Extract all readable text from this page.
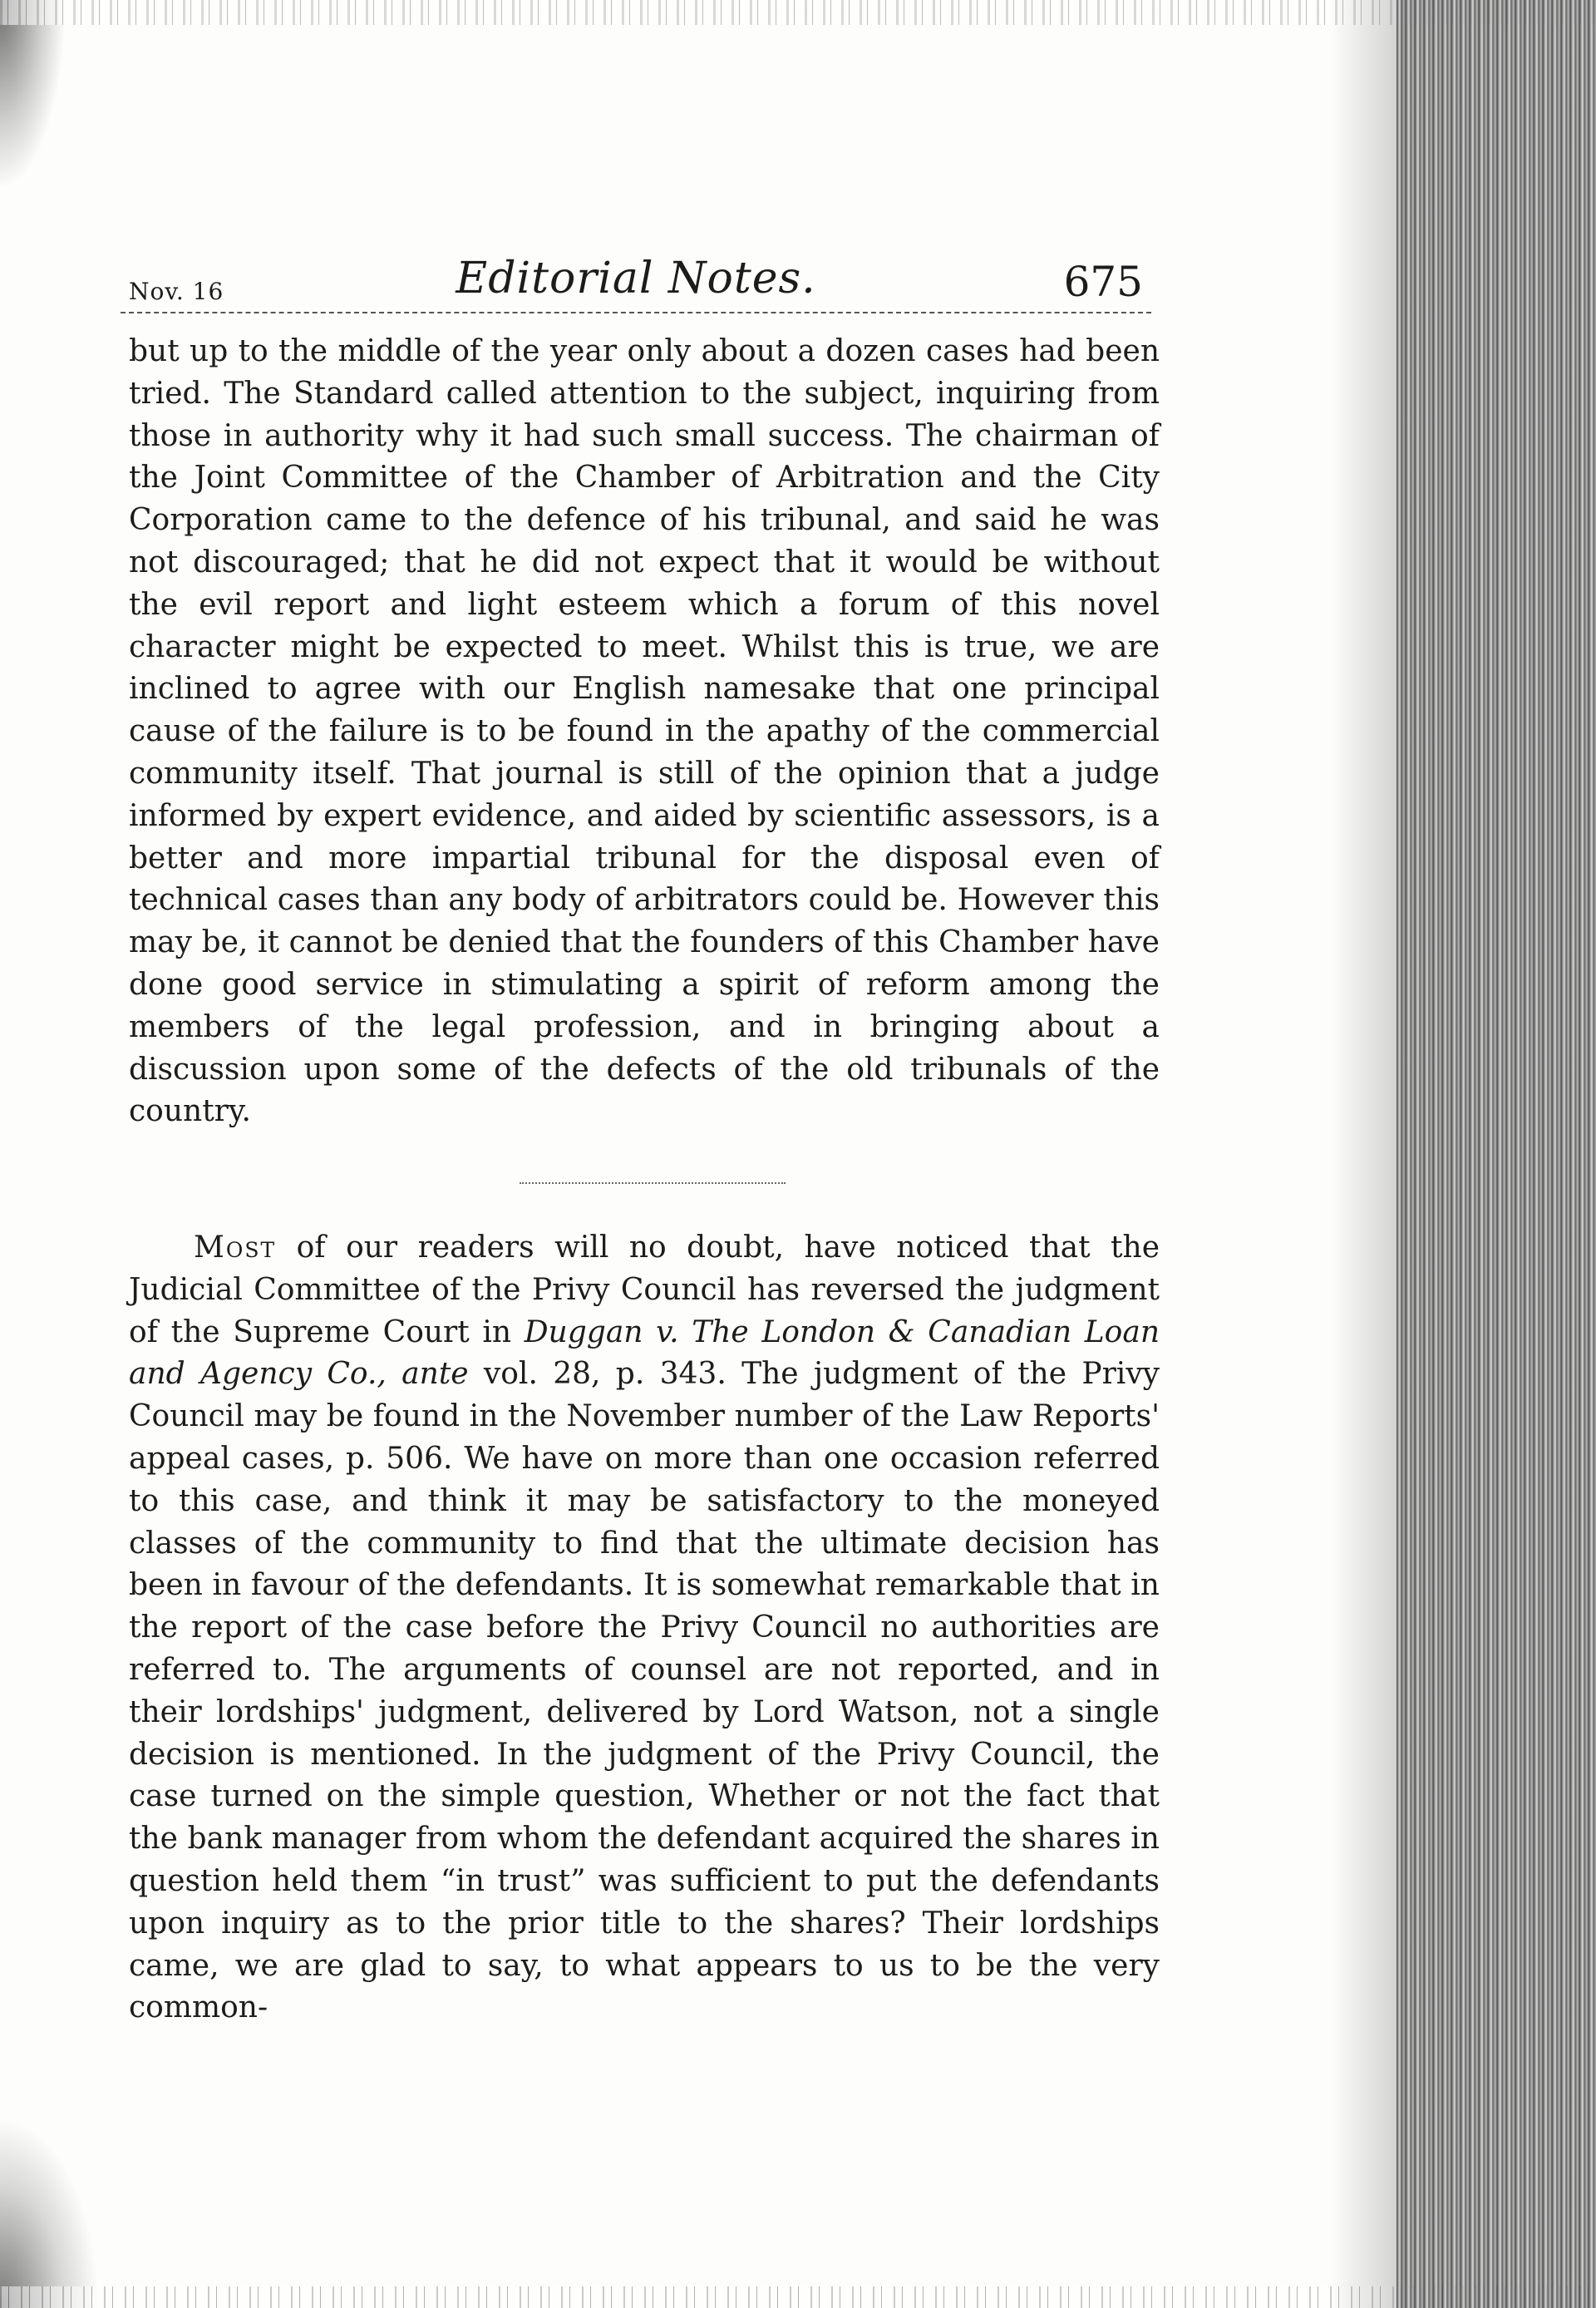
Nov. 16	Editorial Notes.	675

but up to the middle of the year only about a dozen cases had been tried. The Standard called attention to the subject, inquiring from those in authority why it had such small success. The chairman of the Joint Committee of the Chamber of Arbitration and the City Corporation came to the defence of his tribunal, and said he was not discouraged; that he did not expect that it would be without the evil report and light esteem which a forum of this novel character might be expected to meet. Whilst this is true, we are inclined to agree with our English namesake that one principal cause of the failure is to be found in the apathy of the commercial community itself. That journal is still of the opinion that a judge informed by expert evidence, and aided by scientific assessors, is a better and more impartial tribunal for the disposal even of technical cases than any body of arbitrators could be. However this may be, it cannot be denied that the founders of this Chamber have done good service in stimulating a spirit of reform among the members of the legal profession, and in bringing about a discussion upon some of the defects of the old tribunals of the country.

Most of our readers will no doubt, have noticed that the Judicial Committee of the Privy Council has reversed the judgment of the Supreme Court in Duggan v. The London & Canadian Loan and Agency Co., ante vol. 28, p. 343. The judgment of the Privy Council may be found in the November number of the Law Reports' appeal cases, p. 506. We have on more than one occasion referred to this case, and think it may be satisfactory to the moneyed classes of the community to find that the ultimate decision has been in favour of the defendants. It is somewhat remarkable that in the report of the case before the Privy Council no authorities are referred to. The arguments of counsel are not reported, and in their lordships' judgment, delivered by Lord Watson, not a single decision is mentioned. In the judgment of the Privy Council, the case turned on the simple question, Whether or not the fact that the bank manager from whom the defendant acquired the shares in question held them “in trust” was sufficient to put the defendants upon inquiry as to the prior title to the shares? Their lordships came, we are glad to say, to what appears to us to be the very common-
